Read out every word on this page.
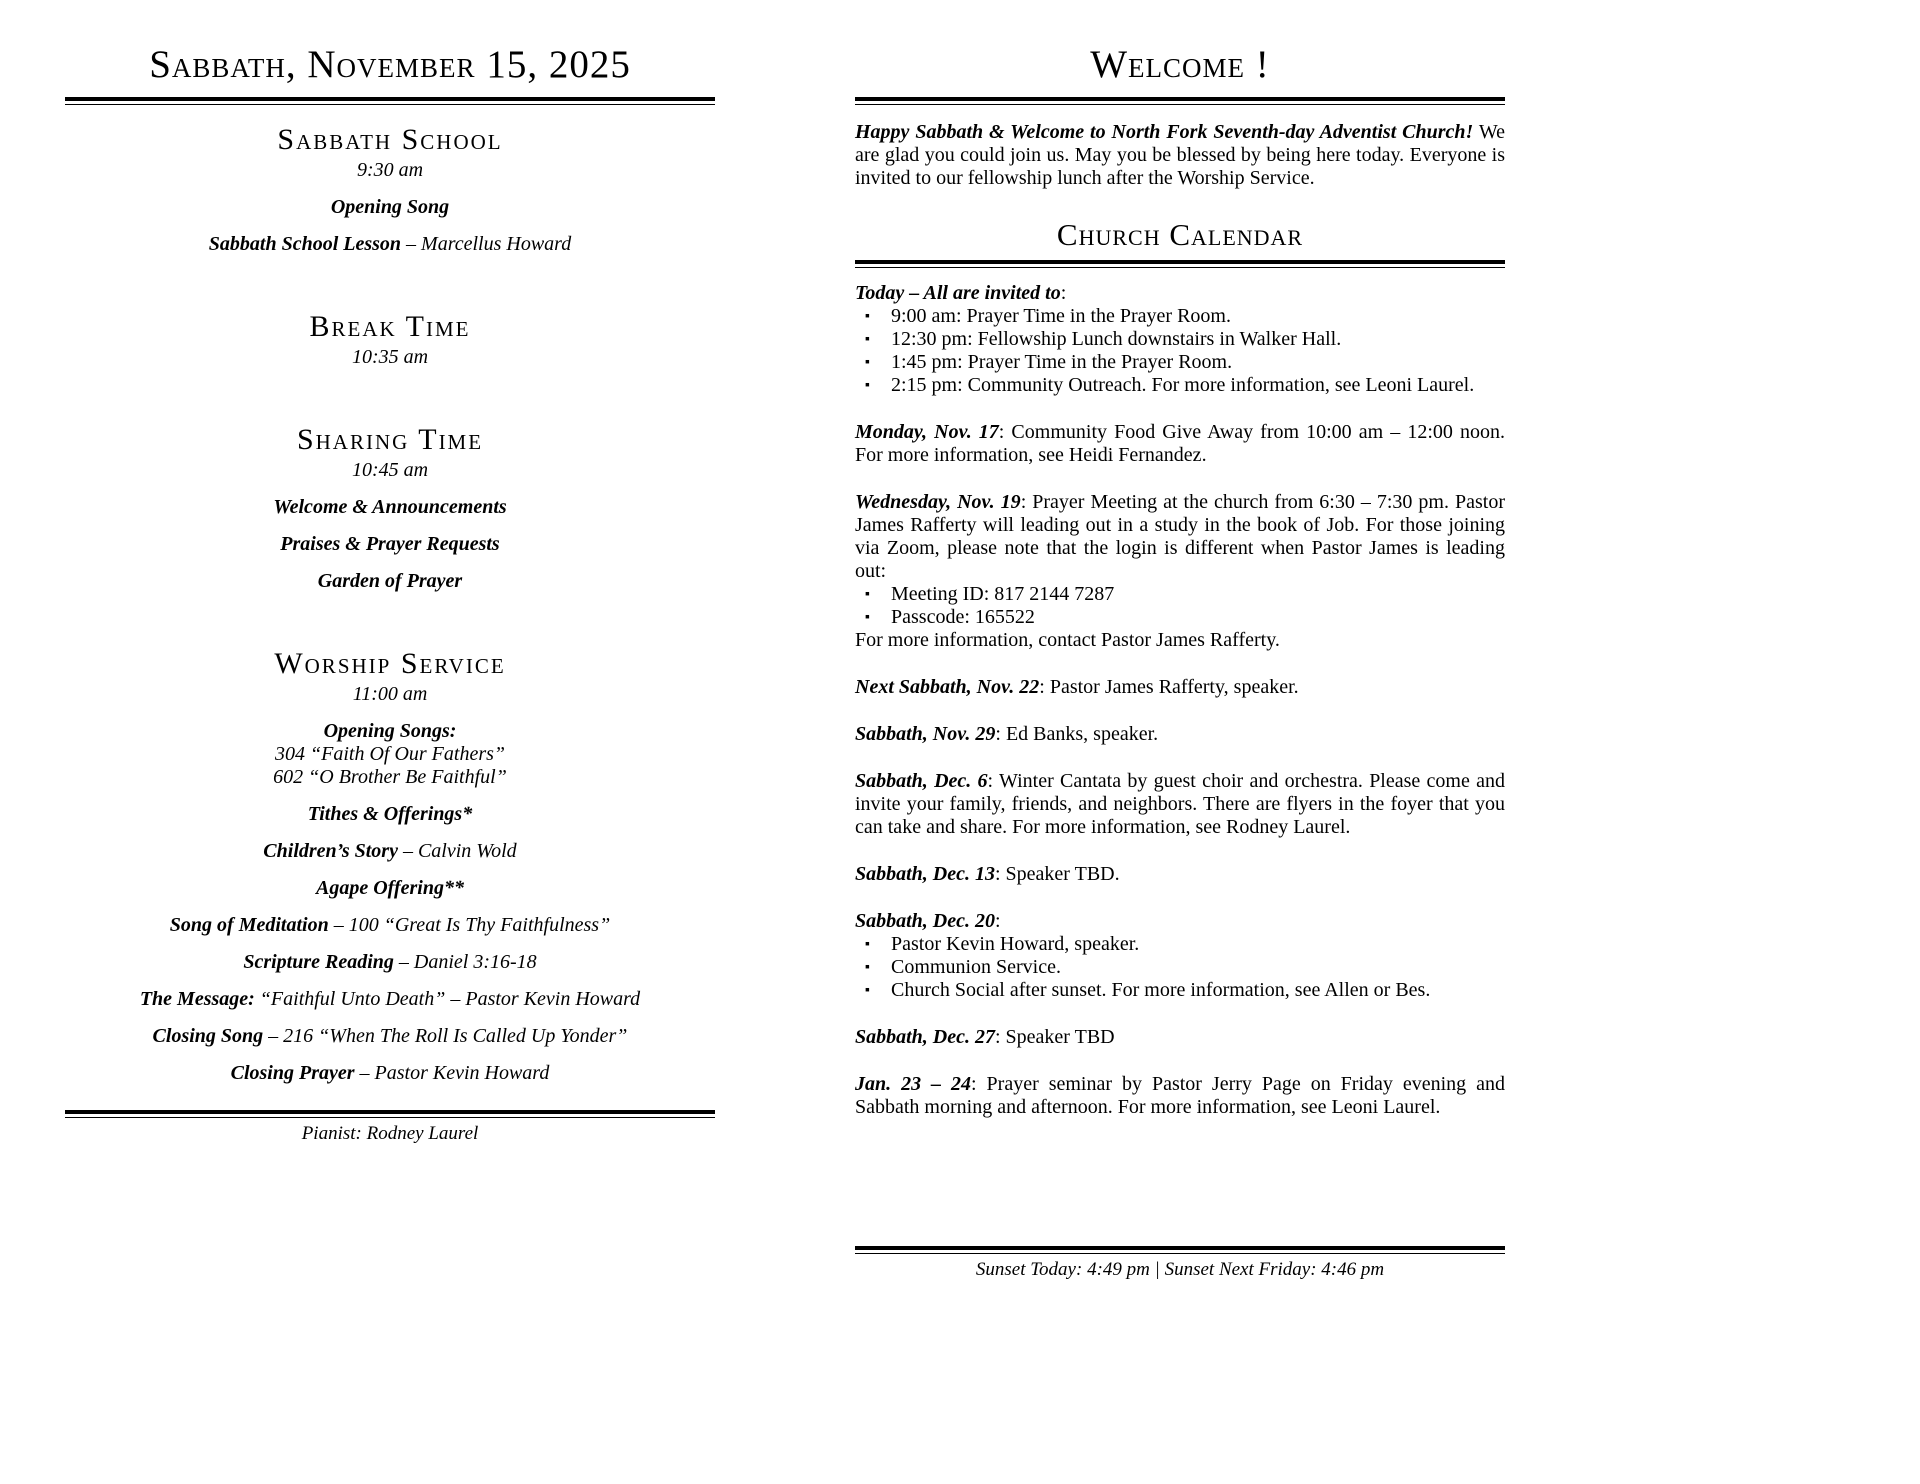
Sabbath, November 15, 2025
Sabbath School
9:30 am

Opening Song

Sabbath School Lesson – Marcellus Howard

Break Time
10:35 am
Sharing Time
10:45 am

Welcome & Announcements

Praises & Prayer Requests

Garden of Prayer

Worship Service
11:00 am

Opening Songs:

304 “Faith Of Our Fathers”
602 “O Brother Be Faithful”

Tithes & Offerings*

Children’s Story – Calvin Wold

Agape Offering**

Song of Meditation – 100 “Great Is Thy Faithfulness”

Scripture Reading – Daniel 3:16-18

The Message: “Faithful Unto Death” – Pastor Kevin Howard

Closing Song – 216 “When The Roll Is Called Up Yonder”

Closing Prayer – Pastor Kevin Howard

Welcome !

Happy Sabbath & Welcome to North Fork Seventh-day Adventist Church! We are glad you could join us. May you be blessed by being here today. Everyone is invited to our fellowship lunch after the Worship Service.

Church Calendar

Today – All are invited to:

▪ 9:00 am: Prayer Time in the Prayer Room.
▪ 12:30 pm: Fellowship Lunch downstairs in Walker Hall.
▪ 1:45 pm: Prayer Time in the Prayer Room.
▪ 2:15 pm: Community Outreach. For more information, see Leoni Laurel.

Monday, Nov. 17: Community Food Give Away from 10:00 am – 12:00 noon. For more information, see Heidi Fernandez.

Wednesday, Nov. 19: Prayer Meeting at the church from 6:30 – 7:30 pm. Pastor James Rafferty will leading out in a study in the book of Job. For those joining via Zoom, please note that the login is different when Pastor James is leading out:

▪ Meeting ID: 817 2144 7287
▪ Passcode: 165522

For more information, contact Pastor James Rafferty.

Next Sabbath, Nov. 22: Pastor James Rafferty, speaker.

Sabbath, Nov. 29: Ed Banks, speaker.

Sabbath, Dec. 6: Winter Cantata by guest choir and orchestra. Please come and invite your family, friends, and neighbors. There are flyers in the foyer that you can take and share. For more information, see Rodney Laurel.

Sabbath, Dec. 13: Speaker TBD.

Sabbath, Dec. 20:

▪ Pastor Kevin Howard, speaker.
▪ Communion Service.
▪ Church Social after sunset. For more information, see Allen or Bes.

Sabbath, Dec. 27: Speaker TBD

Jan. 23 – 24: Prayer seminar by Pastor Jerry Page on Friday evening and Sabbath morning and afternoon. For more information, see Leoni Laurel.

Pianist: Rodney Laurel
Sunset Today: 4:49 pm | Sunset Next Friday: 4:46 pm
